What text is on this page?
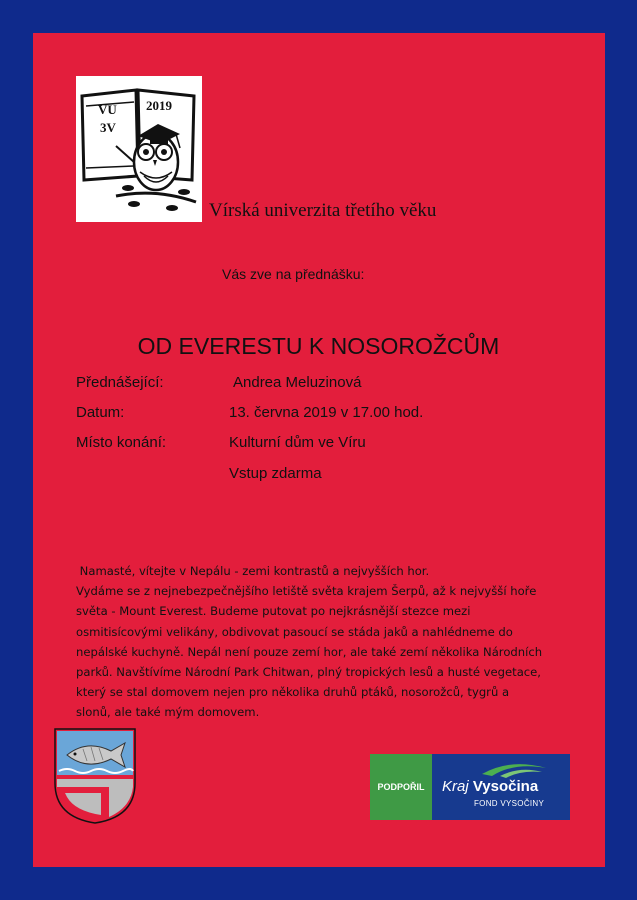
VU
3V
2019
Vírská univerzita třetího věku
Vás zve na přednášku:
OD EVERESTU K NOSOROŽCŮM
Přednášející:	Andrea Meluzinová
Datum:	13. června 2019 v 17.00 hod.
Místo konání:	Kulturní dům ve Víru
Vstup zdarma
Namasté, vítejte v Nepálu - zemi kontrastů a nejvyšších hor.
Vydáme se z nejnebezpečnějšího letiště světa krajem Šerpů, až k nejvyšší hoře
světa - Mount Everest. Budeme putovat po nejkrásnější stezce mezi
osmitisícovými velikány, obdivovat pasoucí se stáda jaků a nahlédneme do
nepálské kuchyně. Nepál není pouze zemí hor, ale také zemí několika Národních
parků. Navštívíme Národní Park Chitwan, plný tropických lesů a husté vegetace,
který se stal domovem nejen pro několika druhů ptáků, nosorožců, tygrů a
slonů, ale také mým domovem.
PODPOŘIL	Kraj Vysočina
FOND VYSOČINY
